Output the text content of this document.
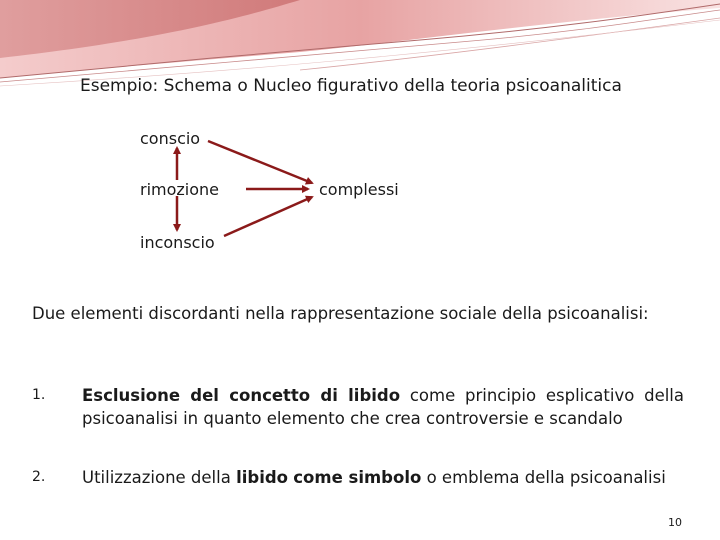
Esempio: Schema o Nucleo figurativo della teoria psicoanalitica
conscio
rimozione	complessi
inconscio
Due elementi discordanti nella rappresentazione sociale della psicoanalisi:
1. Esclusione del concetto di libido come principio esplicativo della psicoanalisi in quanto elemento che crea controversie e scandalo
2. Utilizzazione della libido come simbolo o emblema della psicoanalisi
10
